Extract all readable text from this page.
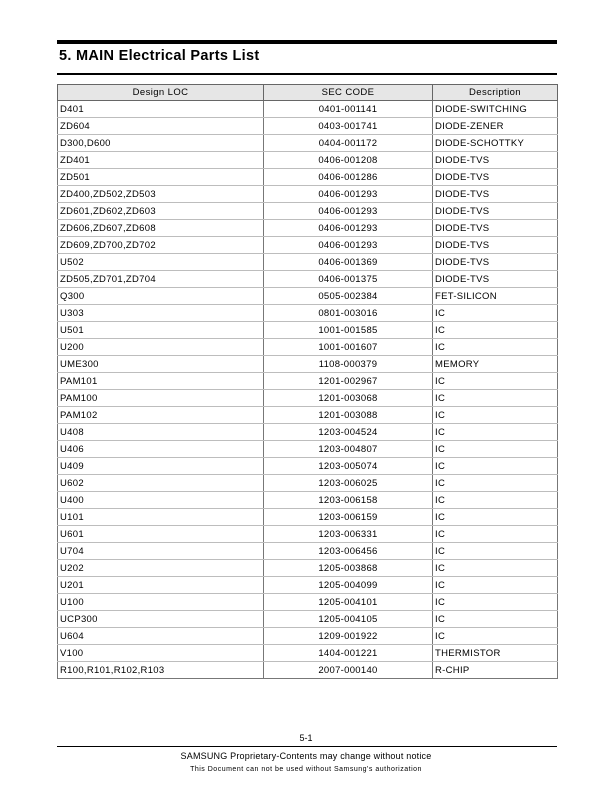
5. MAIN Electrical Parts List
Design LOC	SEC CODE	Description
D401	0401-001141	DIODE-SWITCHING
ZD604	0403-001741	DIODE-ZENER
D300,D600	0404-001172	DIODE-SCHOTTKY
ZD401	0406-001208	DIODE-TVS
ZD501	0406-001286	DIODE-TVS
ZD400,ZD502,ZD503	0406-001293	DIODE-TVS
ZD601,ZD602,ZD603	0406-001293	DIODE-TVS
ZD606,ZD607,ZD608	0406-001293	DIODE-TVS
ZD609,ZD700,ZD702	0406-001293	DIODE-TVS
U502	0406-001369	DIODE-TVS
ZD505,ZD701,ZD704	0406-001375	DIODE-TVS
Q300	0505-002384	FET-SILICON
U303	0801-003016	IC
U501	1001-001585	IC
U200	1001-001607	IC
UME300	1108-000379	MEMORY
PAM101	1201-002967	IC
PAM100	1201-003068	IC
PAM102	1201-003088	IC
U408	1203-004524	IC
U406	1203-004807	IC
U409	1203-005074	IC
U602	1203-006025	IC
U400	1203-006158	IC
U101	1203-006159	IC
U601	1203-006331	IC
U704	1203-006456	IC
U202	1205-003868	IC
U201	1205-004099	IC
U100	1205-004101	IC
UCP300	1205-004105	IC
U604	1209-001922	IC
V100	1404-001221	THERMISTOR
R100,R101,R102,R103	2007-000140	R-CHIP
5-1
SAMSUNG Proprietary-Contents may change without notice
This Document can not be used without Samsung's authorization
